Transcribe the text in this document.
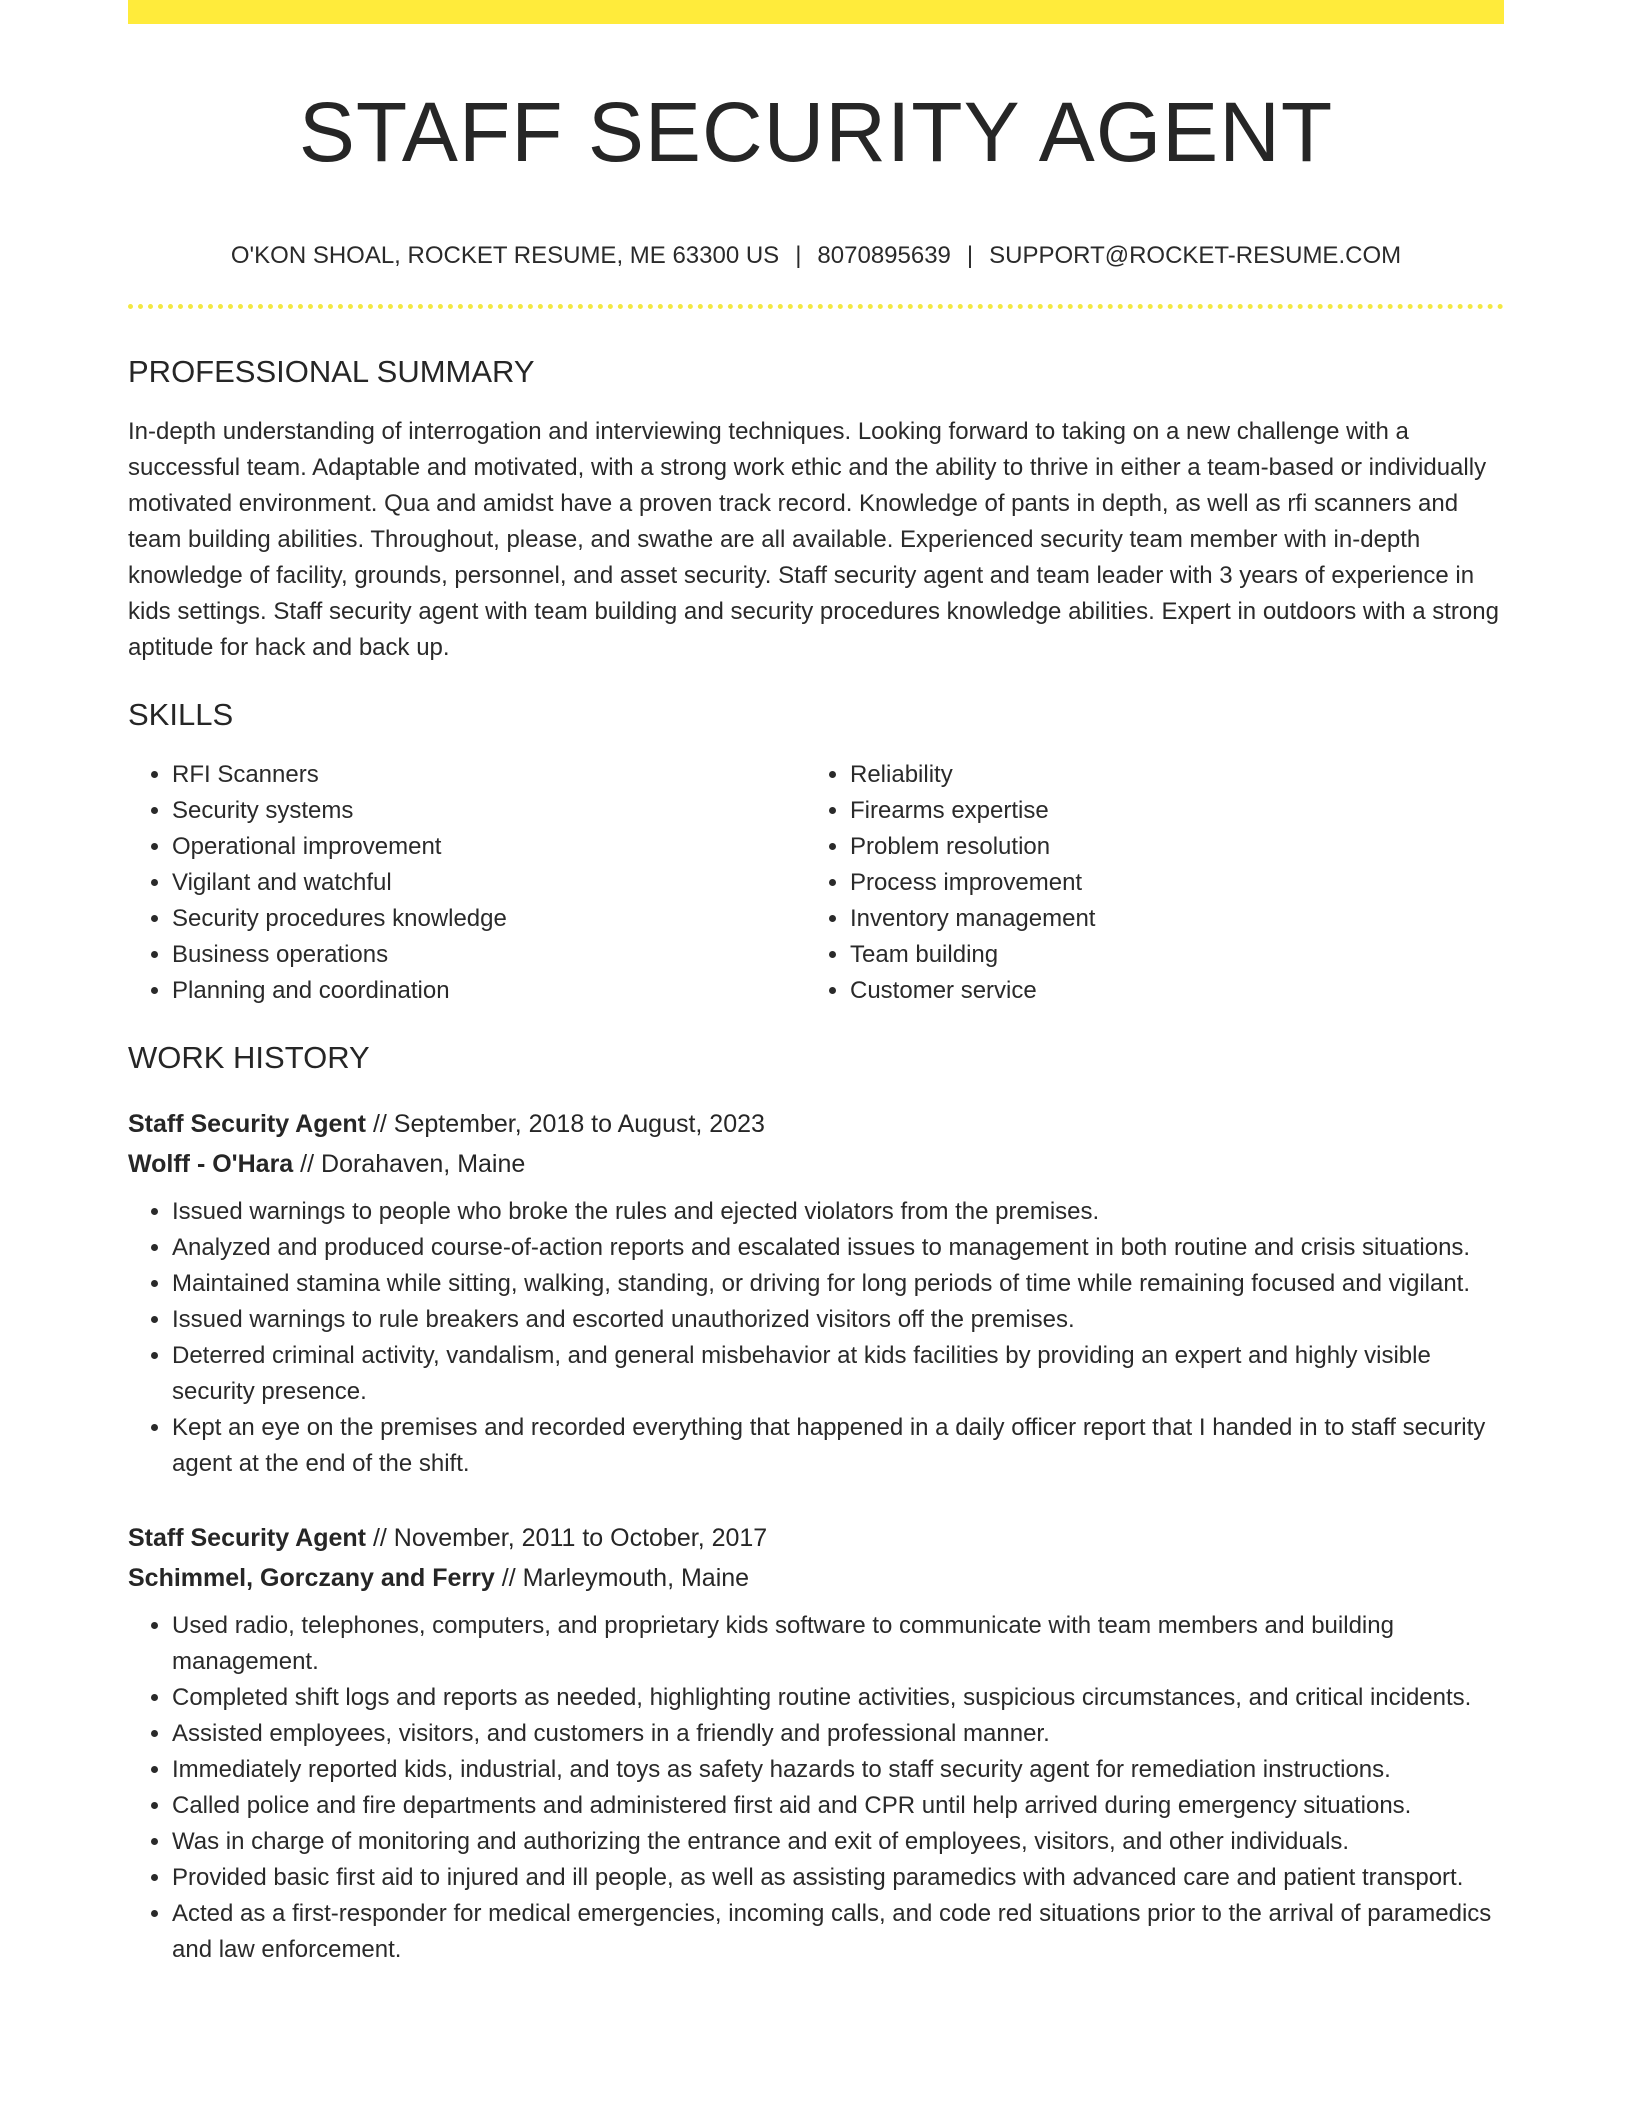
STAFF SECURITY AGENT
O'KON SHOAL, ROCKET RESUME, ME 63300 US | 8070895639 | SUPPORT@ROCKET-RESUME.COM
PROFESSIONAL SUMMARY
In-depth understanding of interrogation and interviewing techniques. Looking forward to taking on a new challenge with a successful team. Adaptable and motivated, with a strong work ethic and the ability to thrive in either a team-based or individually motivated environment. Qua and amidst have a proven track record. Knowledge of pants in depth, as well as rfi scanners and team building abilities. Throughout, please, and swathe are all available. Experienced security team member with in-depth knowledge of facility, grounds, personnel, and asset security. Staff security agent and team leader with 3 years of experience in kids settings. Staff security agent with team building and security procedures knowledge abilities. Expert in outdoors with a strong aptitude for hack and back up.
SKILLS
• RFI Scanners
• Security systems
• Operational improvement
• Vigilant and watchful
• Security procedures knowledge
• Business operations
• Planning and coordination
• Reliability
• Firearms expertise
• Problem resolution
• Process improvement
• Inventory management
• Team building
• Customer service
WORK HISTORY
Staff Security Agent // September, 2018 to August, 2023
Wolff - O'Hara // Dorahaven, Maine
• Issued warnings to people who broke the rules and ejected violators from the premises.
• Analyzed and produced course-of-action reports and escalated issues to management in both routine and crisis situations.
• Maintained stamina while sitting, walking, standing, or driving for long periods of time while remaining focused and vigilant.
• Issued warnings to rule breakers and escorted unauthorized visitors off the premises.
• Deterred criminal activity, vandalism, and general misbehavior at kids facilities by providing an expert and highly visible security presence.
• Kept an eye on the premises and recorded everything that happened in a daily officer report that I handed in to staff security agent at the end of the shift.
Staff Security Agent // November, 2011 to October, 2017
Schimmel, Gorczany and Ferry // Marleymouth, Maine
• Used radio, telephones, computers, and proprietary kids software to communicate with team members and building management.
• Completed shift logs and reports as needed, highlighting routine activities, suspicious circumstances, and critical incidents.
• Assisted employees, visitors, and customers in a friendly and professional manner.
• Immediately reported kids, industrial, and toys as safety hazards to staff security agent for remediation instructions.
• Called police and fire departments and administered first aid and CPR until help arrived during emergency situations.
• Was in charge of monitoring and authorizing the entrance and exit of employees, visitors, and other individuals.
• Provided basic first aid to injured and ill people, as well as assisting paramedics with advanced care and patient transport.
• Acted as a first-responder for medical emergencies, incoming calls, and code red situations prior to the arrival of paramedics and law enforcement.
